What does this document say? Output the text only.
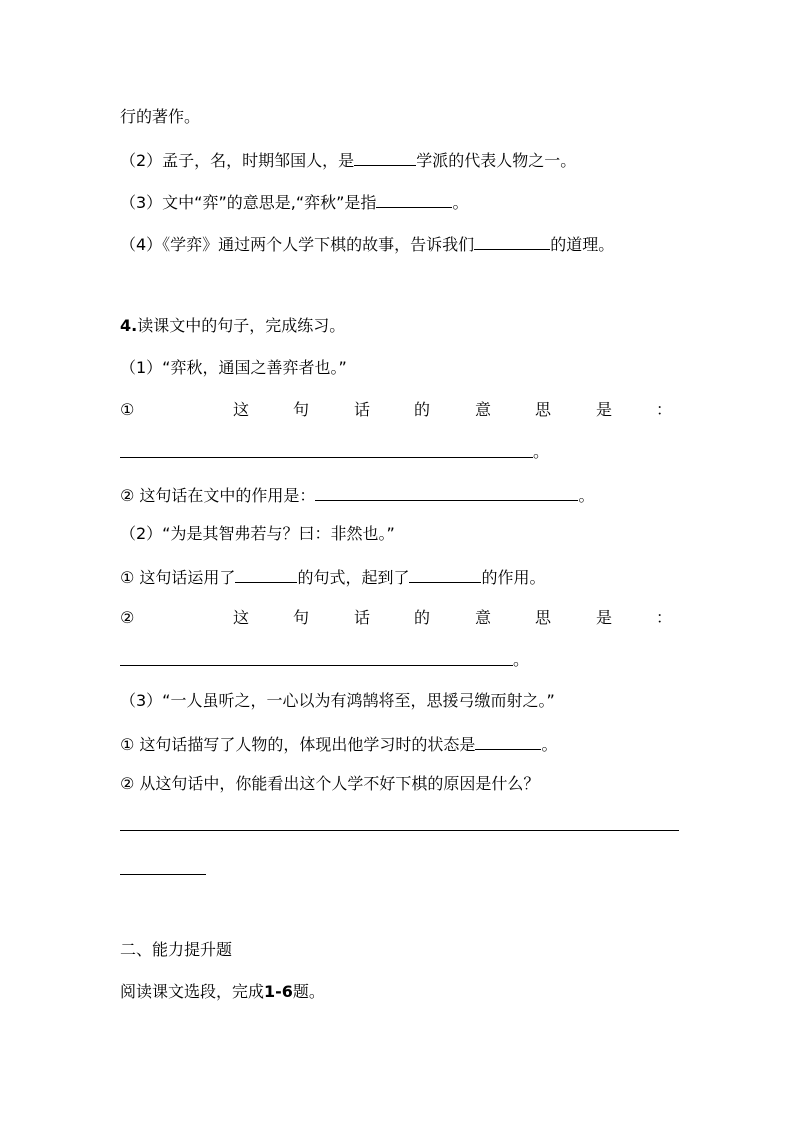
行的著作。
（2）孟子，名，时期邹国人，是	学派的代表人物之一。
（3）文中“弈”的意思是,“弈秋”是指	。
（4）《学弈》通过两个人学下棋的故事，告诉我们	的道理。
4.读课文中的句子，完成练习。
（1）“弈秋，通国之善弈者也。”
①	这	句	话	的	意	思	是	：
。
② 这句话在文中的作用是：	。
（2）“为是其智弗若与？曰：非然也。”
① 这句话运用了	的句式，起到了	的作用。
②	这	句	话	的	意	思	是	：
。
（3）“一人虽听之，一心以为有鸿鹄将至，思援弓缴而射之。”
① 这句话描写了人物的，体现出他学习时的状态是	。
② 从这句话中，你能看出这个人学不好下棋的原因是什么？
二、能力提升题
阅读课文选段，完成1-6题。
